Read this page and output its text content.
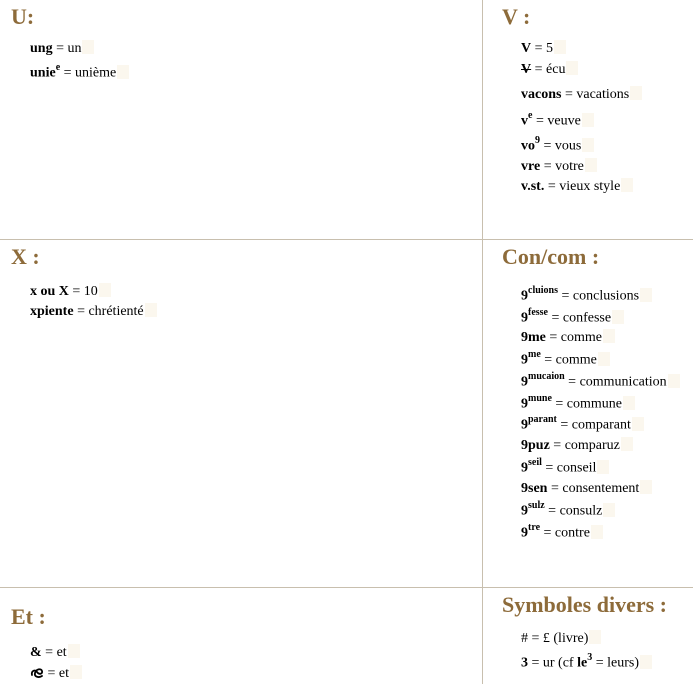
U:
ung = un
unie$^e$ = unième
V :
V = 5
V = écu
vacons = vacations
$v^e$ = veuve
$vo^9$ = vous
vre = votre
v.st. = vieux style
X :
x ou X = 10
xpiente = chrétienté
Con/com :
$9^{cluions}$ = conclusions
$9^{fesse}$ = confesse
9me = comme
$9^{me}$ = comme
$9^{mucaion}$ = communication
$9^{mune}$ = commune
$9^{parant}$ = comparant
9puz = comparuz
$9^{seil}$ = conseil
9sen = consentement
$9^{sulz}$ = consulz
$9^{tre}$ = contre
Et :
& = et
= et
Symboles divers :
# = £ (livre)
3 = ur (cf $le^3$ = leurs)
